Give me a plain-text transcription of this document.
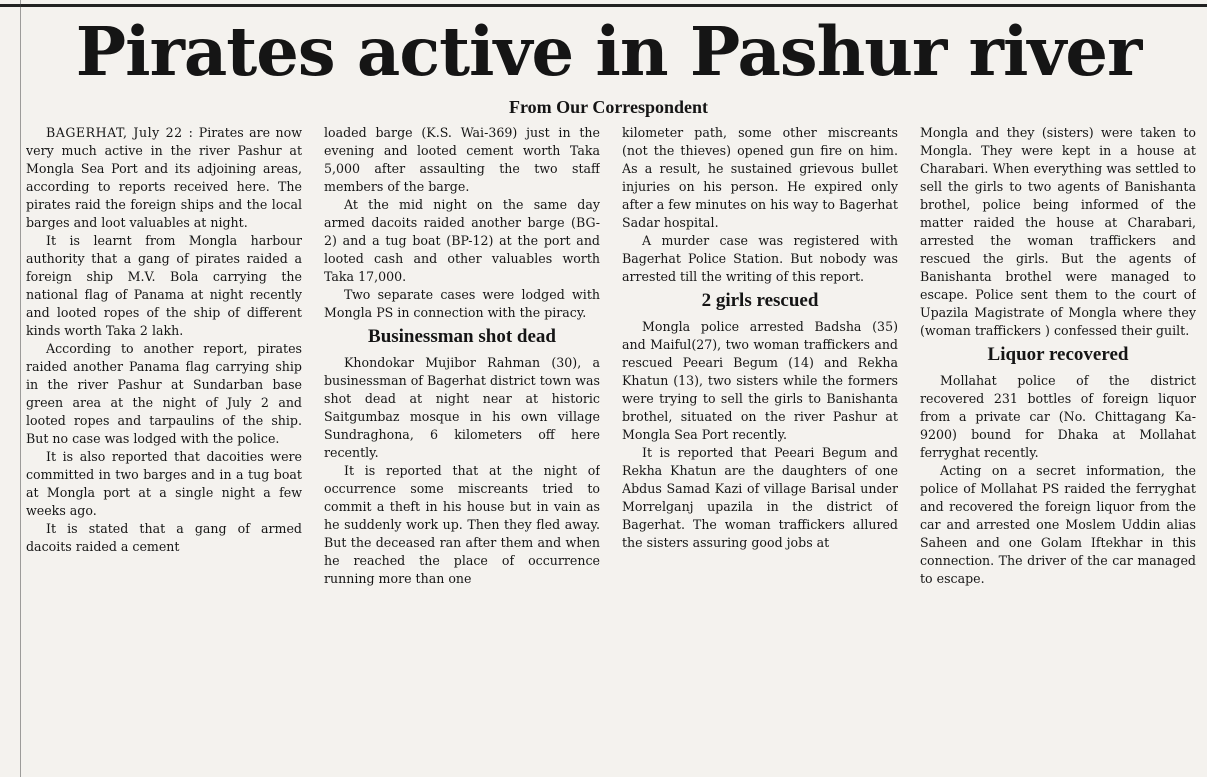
Pirates active in Pashur river
From Our Correspondent

BAGERHAT, July 22 : Pirates are now very much active in the river Pashur at Mongla Sea Port and its adjoining areas, according to reports received here. The pirates raid the foreign ships and the local barges and loot valuables at night.

It is learnt from Mongla harbour authority that a gang of pirates raided a foreign ship M.V. Bola carrying the national flag of Panama at night recently and looted ropes of the ship of different kinds worth Taka 2 lakh.

According to another report, pirates raided another Panama flag carrying ship in the river Pashur at Sundarban base green area at the night of July 2 and looted ropes and tarpaulins of the ship. But no case was lodged with the police.

It is also reported that dacoities were committed in two barges and in a tug boat at Mongla port at a single night a few weeks ago.

It is stated that a gang of armed dacoits raided a cement

loaded barge (K.S. Wai-369) just in the evening and looted cement worth Taka 5,000 after assaulting the two staff members of the barge.

At the mid night on the same day armed dacoits raided another barge (BG-2) and a tug boat (BP-12) at the port and looted cash and other valuables worth Taka 17,000.

Two separate cases were lodged with Mongla PS in connection with the piracy.

Businessman shot dead

Khondokar Mujibor Rahman (30), a businessman of Bagerhat district town was shot dead at night near at historic Saitgumbaz mosque in his own village Sundraghona, 6 kilometers off here recently.

It is reported that at the night of occurrence some miscreants tried to commit a theft in his house but in vain as he suddenly work up. Then they fled away. But the deceased ran after them and when he reached the place of occurrence running more than one

kilometer path, some other miscreants (not the thieves) opened gun fire on him. As a result, he sustained grievous bullet injuries on his person. He expired only after a few minutes on his way to Bagerhat Sadar hospital.

A murder case was registered with Bagerhat Police Station. But nobody was arrested till the writing of this report.

2 girls rescued

Mongla police arrested Badsha (35) and Maiful(27), two woman traffickers and rescued Peeari Begum (14) and Rekha Khatun (13), two sisters while the formers were trying to sell the girls to Banishanta brothel, situated on the river Pashur at Mongla Sea Port recently.

It is reported that Peeari Begum and Rekha Khatun are the daughters of one Abdus Samad Kazi of village Barisal under Morrelganj upazila in the district of Bagerhat. The woman traffickers allured the sisters assuring good jobs at

Mongla and they (sisters) were taken to Mongla. They were kept in a house at Charabari. When everything was settled to sell the girls to two agents of Banishanta brothel, police being informed of the matter raided the house at Charabari, arrested the woman traffickers and rescued the girls. But the agents of Banishanta brothel were managed to escape. Police sent them to the court of Upazila Magistrate of Mongla where they (woman traffickers ) confessed their guilt.

Liquor recovered

Mollahat police of the district recovered 231 bottles of foreign liquor from a private car (No. Chittagang Ka-9200) bound for Dhaka at Mollahat ferryghat recently.

Acting on a secret information, the police of Mollahat PS raided the ferryghat and recovered the foreign liquor from the car and arrested one Moslem Uddin alias Saheen and one Golam Iftekhar in this connection. The driver of the car managed to escape.
